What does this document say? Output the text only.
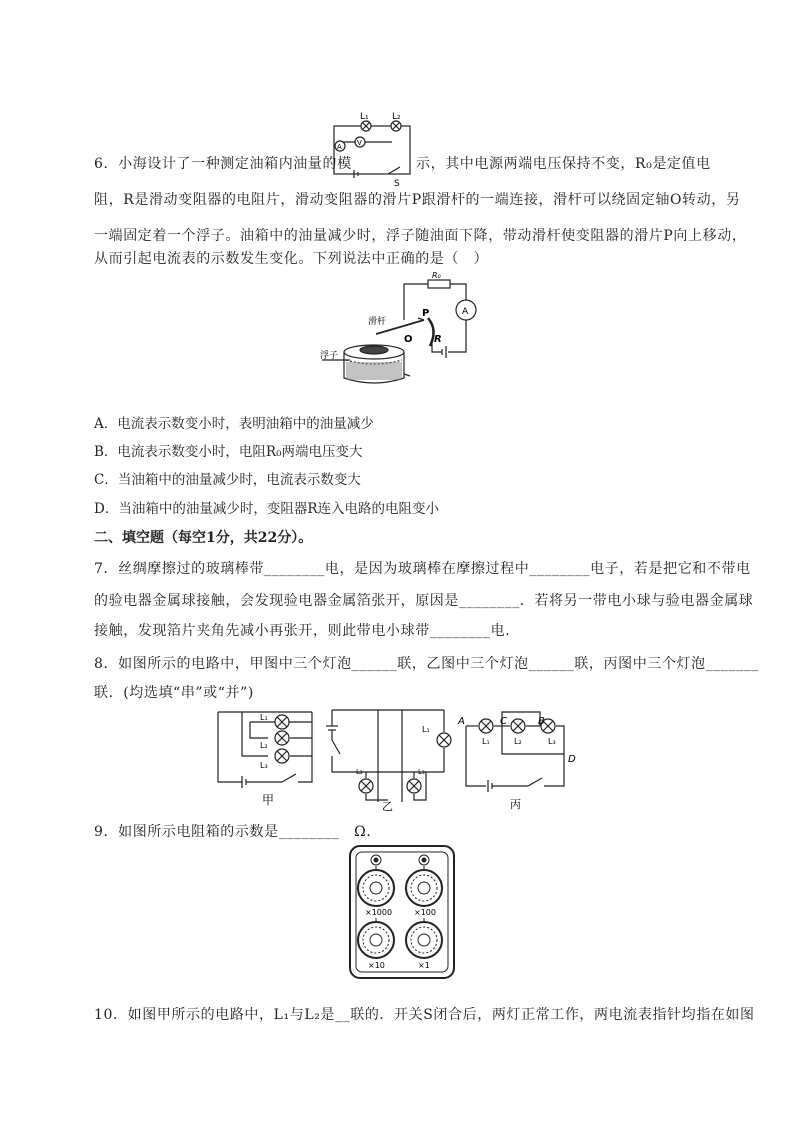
6．小海设计了一种测定油箱内油量的模	示，其中电源两端电压保持不变，R₀是定值电
L₁	L₂
A V
S
阻，R是滑动变阻器的电阻片，滑动变阻器的滑片P跟滑杆的一端连接，滑杆可以绕固定轴O转动，另
一端固定着一个浮子。油箱中的油量减少时，浮子随油面下降，带动滑杆使变阻器的滑片P向上移动，
从而引起电流表的示数发生变化。下列说法中正确的是（　）
R₀
A
滑杆
P
O R
浮子
A．电流表示数变小时，表明油箱中的油量减少
B．电流表示数变小时，电阻R₀两端电压变大
C．当油箱中的油量减少时，电流表示数变大
D．当油箱中的油量减少时，变阻器R连入电路的电阻变小
二、填空题（每空1分，共22分）。
7．丝绸摩擦过的玻璃棒带________电，是因为玻璃棒在摩擦过程中________电子，若是把它和不带电
的验电器金属球接触，会发现验电器金属箔张开，原因是________．若将另一带电小球与验电器金属球
接触，发现箔片夹角先减小再张开，则此带电小球带________电．
8．如图所示的电路中，甲图中三个灯泡______联，乙图中三个灯泡______联，丙图中三个灯泡_______
联．(均选填“串”或“并”)
L₁
L₂
L₃
甲
L₁
L₂	L₃
乙
A	C	B
D
L₁	L₂	L₃
丙
9．如图所示电阻箱的示数是________　Ω．
×1000	×100
×10	×1
10．如图甲所示的电路中，L₁与L₂是__联的．开关S闭合后，两灯正常工作，两电流表指针均指在如图
